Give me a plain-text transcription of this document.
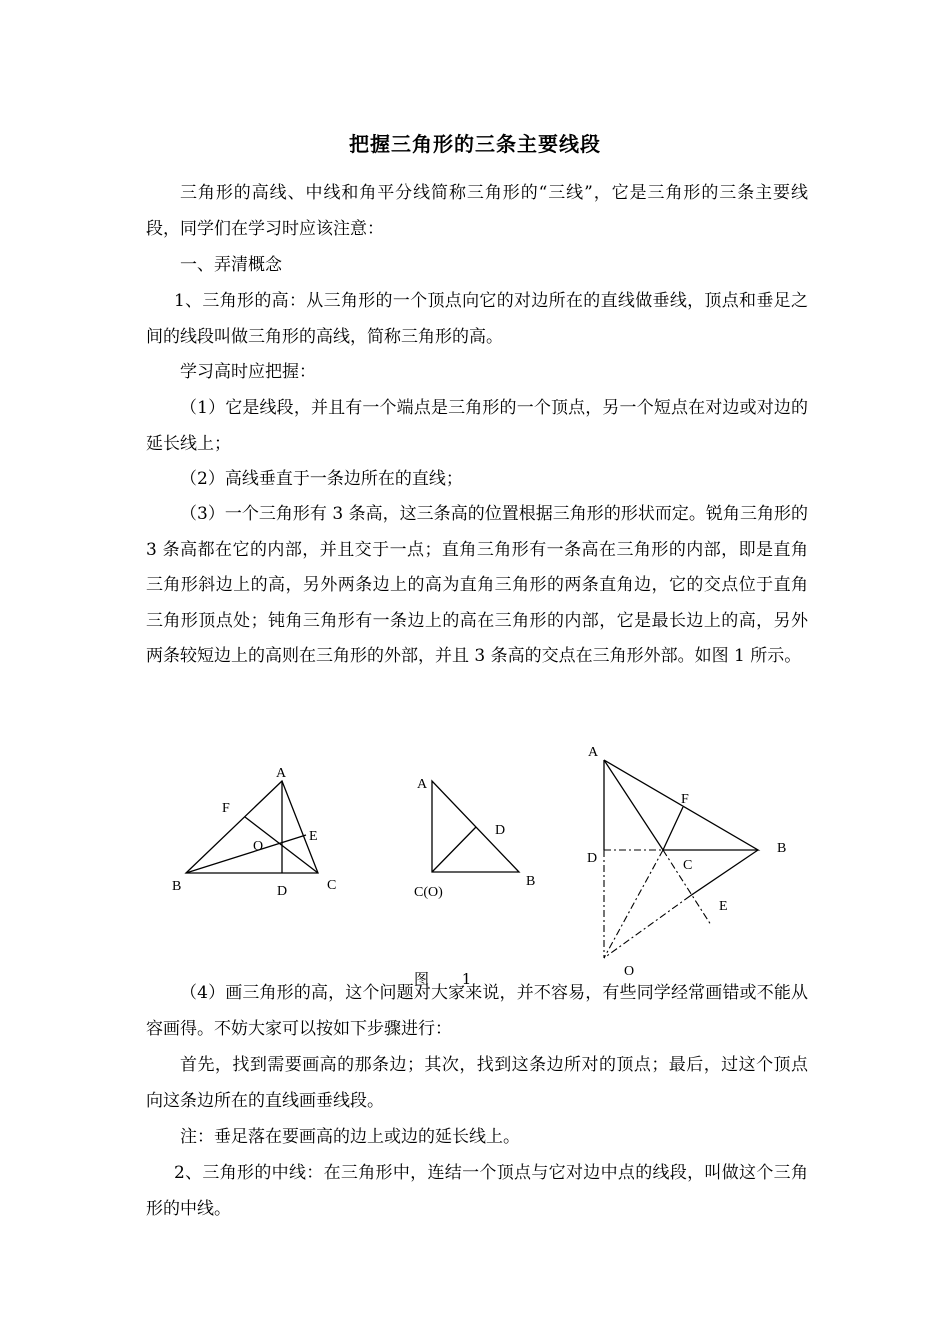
把握三角形的三条主要线段

三角形的高线、中线和角平分线简称三角形的“三线”，它是三角形的三条主要线段，同学们在学习时应该注意：

一、弄清概念

1、三角形的高：从三角形的一个顶点向它的对边所在的直线做垂线，顶点和垂足之间的线段叫做三角形的高线，简称三角形的高。

学习高时应把握：

（1）它是线段，并且有一个端点是三角形的一个顶点，另一个短点在对边或对边的延长线上；

（2）高线垂直于一条边所在的直线；

（3）一个三角形有 3 条高，这三条高的位置根据三角形的形状而定。锐角三角形的 3 条高都在它的内部，并且交于一点；直角三角形有一条高在三角形的内部，即是直角三角形斜边上的高，另外两条边上的高为直角三角形的两条直角边，它的交点位于直角三角形顶点处；钝角三角形有一条边上的高在三角形的内部，它是最长边上的高，另外两条较短边上的高则在三角形的外部，并且 3 条高的交点在三角形外部。如图 1 所示。

A
F
O
E
B	D	C
A
D
C(O)
B
A
F
B
D	C
E
O
图 1

（4）画三角形的高，这个问题对大家来说，并不容易，有些同学经常画错或不能从容画得。不妨大家可以按如下步骤进行：

首先，找到需要画高的那条边；其次，找到这条边所对的顶点；最后，过这个顶点向这条边所在的直线画垂线段。

注：垂足落在要画高的边上或边的延长线上。

2、三角形的中线：在三角形中，连结一个顶点与它对边中点的线段，叫做这个三角形的中线。
